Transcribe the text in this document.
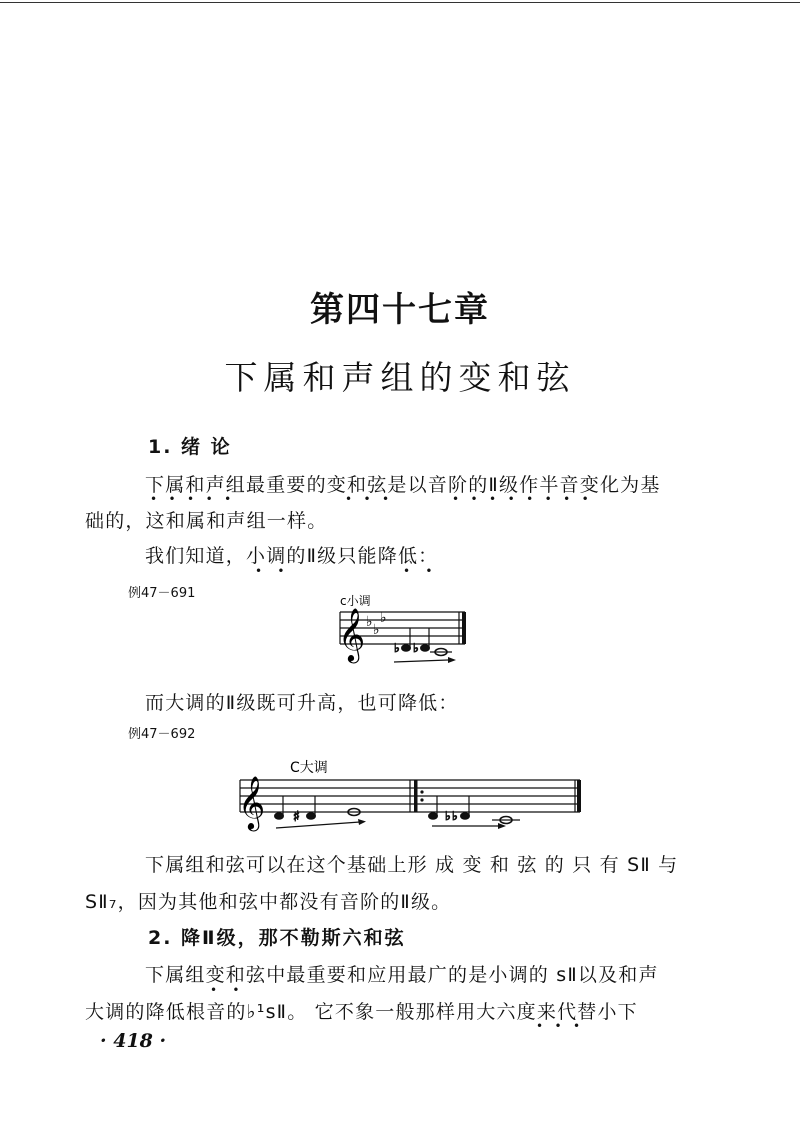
第四十七章
下属和声组的变和弦
1. 绪 论
下属和声组最重要的变和弦是以音阶的Ⅱ级作半音变化为基
•   •   •   •   •	•   •   •	•   •   •   •   •   •   •   •
础的，这和属和声组一样。
我们知道，小调的Ⅱ级只能降低：
•    •	•    •
例47－691	c小调
𝄞 ♭ ♭
♭
♭ ♭
而大调的Ⅱ级既可升高，也可降低：
例47－692
C大调
𝄞 ♯	♭ ♭
下属组和弦可以在这个基础上形 成 变 和 弦 的 只 有 SⅡ 与
SⅡ₇，因为其他和弦中都没有音阶的Ⅱ级。
2. 降Ⅱ级，那不勒斯六和弦
下属组变和弦中最重要和应用最广的是小调的 sⅡ以及和声
•    •
大调的降低根音的♭¹sⅡ。 它不象一般那样用大六度来代替小下
•   •   •
· 418 ·
